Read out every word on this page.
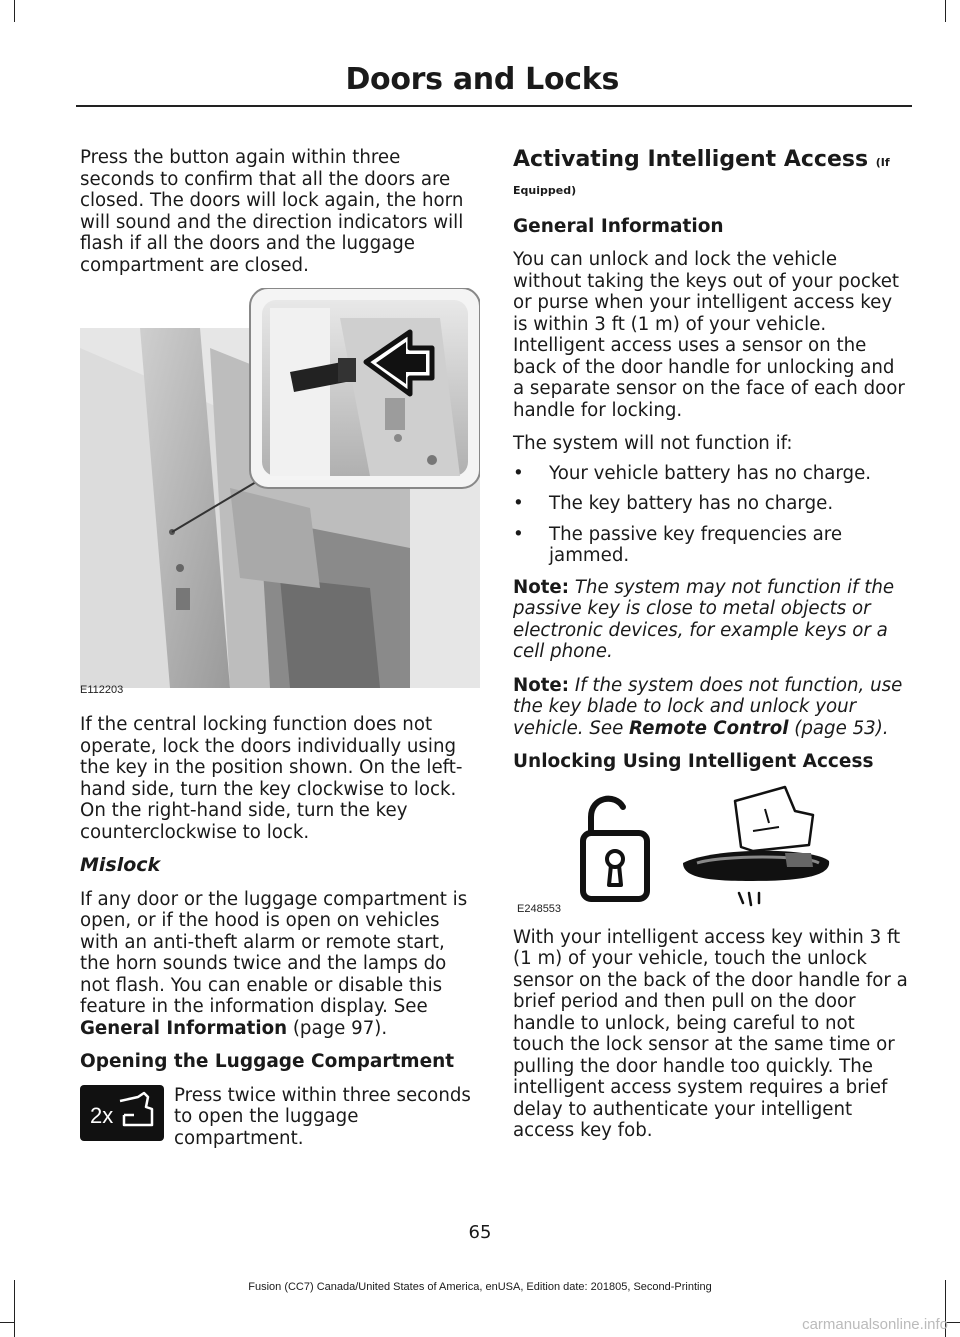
Doors and Locks

Press the button again within three seconds to confirm that all the doors are closed. The doors will lock again, the horn will sound and the direction indicators will flash if all the doors and the luggage compartment are closed.

E112203

If the central locking function does not operate, lock the doors individually using the key in the position shown. On the left-hand side, turn the key clockwise to lock. On the right-hand side, turn the key counterclockwise to lock.

Mislock

If any door or the luggage compartment is open, or if the hood is open on vehicles with an anti-theft alarm or remote start, the horn sounds twice and the lamps do not flash. You can enable or disable this feature in the information display. See General Information (page 97).

Opening the Luggage Compartment
2x
Press twice within three seconds to open the luggage compartment.
Activating Intelligent Access (If
Equipped)
General Information

You can unlock and lock the vehicle without taking the keys out of your pocket or purse when your intelligent access key is within 3 ft (1 m) of your vehicle. Intelligent access uses a sensor on the back of the door handle for unlocking and a separate sensor on the face of each door handle for locking.

The system will not function if:

• Your vehicle battery has no charge.
• The key battery has no charge.
• The passive key frequencies are jammed.

Note: The system may not function if the passive key is close to metal objects or electronic devices, for example keys or a cell phone.

Note: If the system does not function, use the key blade to lock and unlock your vehicle. See Remote Control (page 53).

Unlocking Using Intelligent Access
E248553

With your intelligent access key within 3 ft (1 m) of your vehicle, touch the unlock sensor on the back of the door handle for a brief period and then pull on the door handle to unlock, being careful to not touch the lock sensor at the same time or pulling the door handle too quickly. The intelligent access system requires a brief delay to authenticate your intelligent access key fob.

65
Fusion (CC7) Canada/United States of America, enUSA, Edition date: 201805, Second-Printing
carmanualsonline.info
